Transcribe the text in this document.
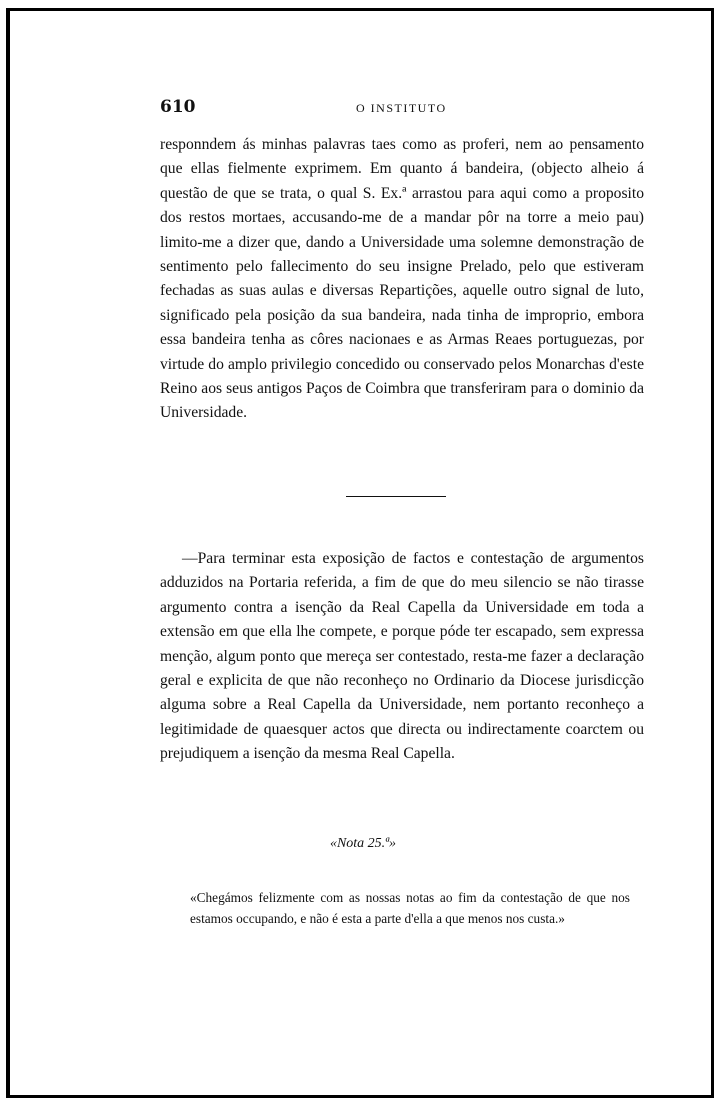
610	O INSTITUTO

responndem ás minhas palavras taes como as proferi, nem ao pensamento que ellas fielmente exprimem. Em quanto á bandeira, (objecto alheio á questão de que se trata, o qual S. Ex.ª arrastou para aqui como a proposito dos restos mortaes, accusando-me de a mandar pôr na torre a meio pau) limito-me a dizer que, dando a Universidade uma solemne demonstração de sentimento pelo fallecimento do seu insigne Prelado, pelo que estiveram fechadas as suas aulas e diversas Repartições, aquelle outro signal de luto, significado pela posição da sua bandeira, nada tinha de improprio, embora essa bandeira tenha as côres nacionaes e as Armas Reaes portuguezas, por virtude do amplo privilegio concedido ou conservado pelos Monarchas d'este Reino aos seus antigos Paços de Coimbra que transferiram para o dominio da Universidade.

—Para terminar esta exposição de factos e contestação de argumentos adduzidos na Portaria referida, a fim de que do meu silencio se não tirasse argumento contra a isenção da Real Capella da Universidade em toda a extensão em que ella lhe compete, e porque póde ter escapado, sem expressa menção, algum ponto que mereça ser contestado, resta-me fazer a declaração geral e explicita de que não reconheço no Ordinario da Diocese jurisdicção alguma sobre a Real Capella da Universidade, nem portanto reconheço a legitimidade de quaesquer actos que directa ou indirectamente coarctem ou prejudiquem a isenção da mesma Real Capella.

«Nota 25.ª»

«Chegámos felizmente com as nossas notas ao fim da contestação de que nos estamos occupando, e não é esta a parte d'ella a que menos nos custa.»
